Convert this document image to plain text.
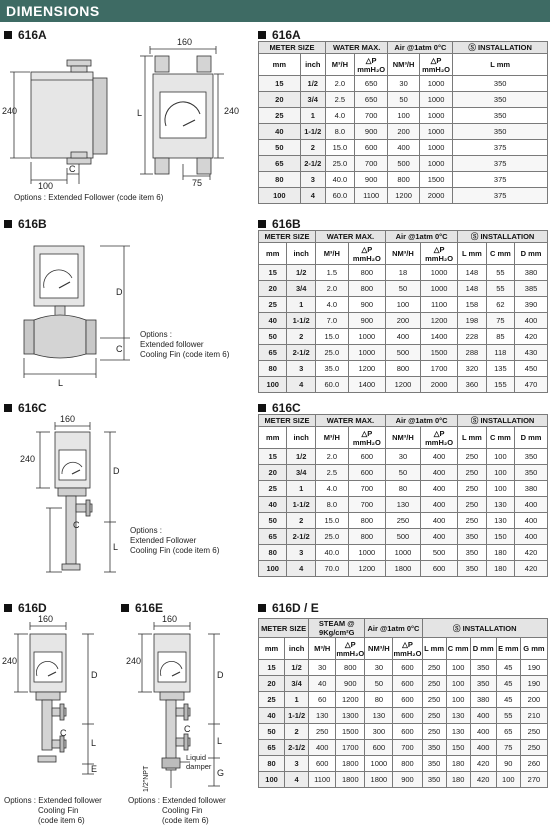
DIMENSIONS
616A
240
100
C
160
L	240
75
Options : Extended Follower (code item 6)
616B
D
C
L
Options :
Extended follower
Cooling Fin (code item 6)
616C
160
240
D
C
L
Options :
Extended Follower
Cooling Fin (code item 6)
616D
160
240
D
C
L
E
Options : Extended follower
Cooling Fin
(code item 6)
616E
160
240
D
C
L
G
Liquid
damper
1/2"NPT
Options : Extended follower
Cooling Fin
(code item 6)
616A
616B
616C
616D / E
METER SIZE		WATER MAX.		Air @1atm 0°C		Ⓢ INSTALLATION
mm	inch	M³/H	△P mmH₂O	NM³/H	△P mmH₂O	L mm
15	1/2	2.0	650	30	1000	350
20	3/4	2.5	650	50	1000	350
25	1	4.0	700	100	1000	350
40	1-1/2	8.0	900	200	1000	350
50	2	15.0	600	400	1000	375
65	2-1/2	25.0	700	500	1000	375
80	3	40.0	900	800	1500	375
100	4	60.0	1100	1200	2000	375
METER SIZE		WATER MAX.		Air @1atm 0°C		Ⓢ INSTALLATION		
mm	inch	M³/H	△P mmH₂O	NM³/H	△P mmH₂O	L mm	C mm	D mm
15	1/2	1.5	800	18	1000	148	55	380
20	3/4	2.0	800	50	1000	148	55	385
25	1	4.0	900	100	1100	158	62	390
40	1-1/2	7.0	900	200	1200	198	75	400
50	2	15.0	1000	400	1400	228	85	420
65	2-1/2	25.0	1000	500	1500	288	118	430
80	3	35.0	1200	800	1700	320	135	450
100	4	60.0	1400	1200	2000	360	155	470
METER SIZE		WATER MAX.		Air @1atm 0°C		Ⓢ INSTALLATION		
mm	inch	M³/H	△P mmH₂O	NM³/H	△P mmH₂O	L mm	C mm	D mm
15	1/2	2.0	600	30	400	250	100	350
20	3/4	2.5	600	50	400	250	100	350
25	1	4.0	700	80	400	250	100	380
40	1-1/2	8.0	700	130	400	250	130	400
50	2	15.0	800	250	400	250	130	400
65	2-1/2	25.0	800	500	400	350	150	400
80	3	40.0	1000	1000	500	350	180	420
100	4	70.0	1200	1800	600	350	180	420
METER SIZE		STEAM @ 9Kg/cm²G		Air @1atm 0°C		Ⓢ INSTALLATION				
mm	inch	M³/H	△P mmH₂O	NM³/H	△P mmH₂O	L mm	C mm	D mm	E mm	G mm
15	1/2	30	800	30	600	250	100	350	45	190
20	3/4	40	900	50	600	250	100	350	45	190
25	1	60	1200	80	600	250	100	380	45	200
40	1-1/2	130	1300	130	600	250	130	400	55	210
50	2	250	1500	300	600	250	130	400	65	250
65	2-1/2	400	1700	600	700	350	150	400	75	250
80	3	600	1800	1000	800	350	180	420	90	260
100	4	1100	1800	1800	900	350	180	420	100	270
